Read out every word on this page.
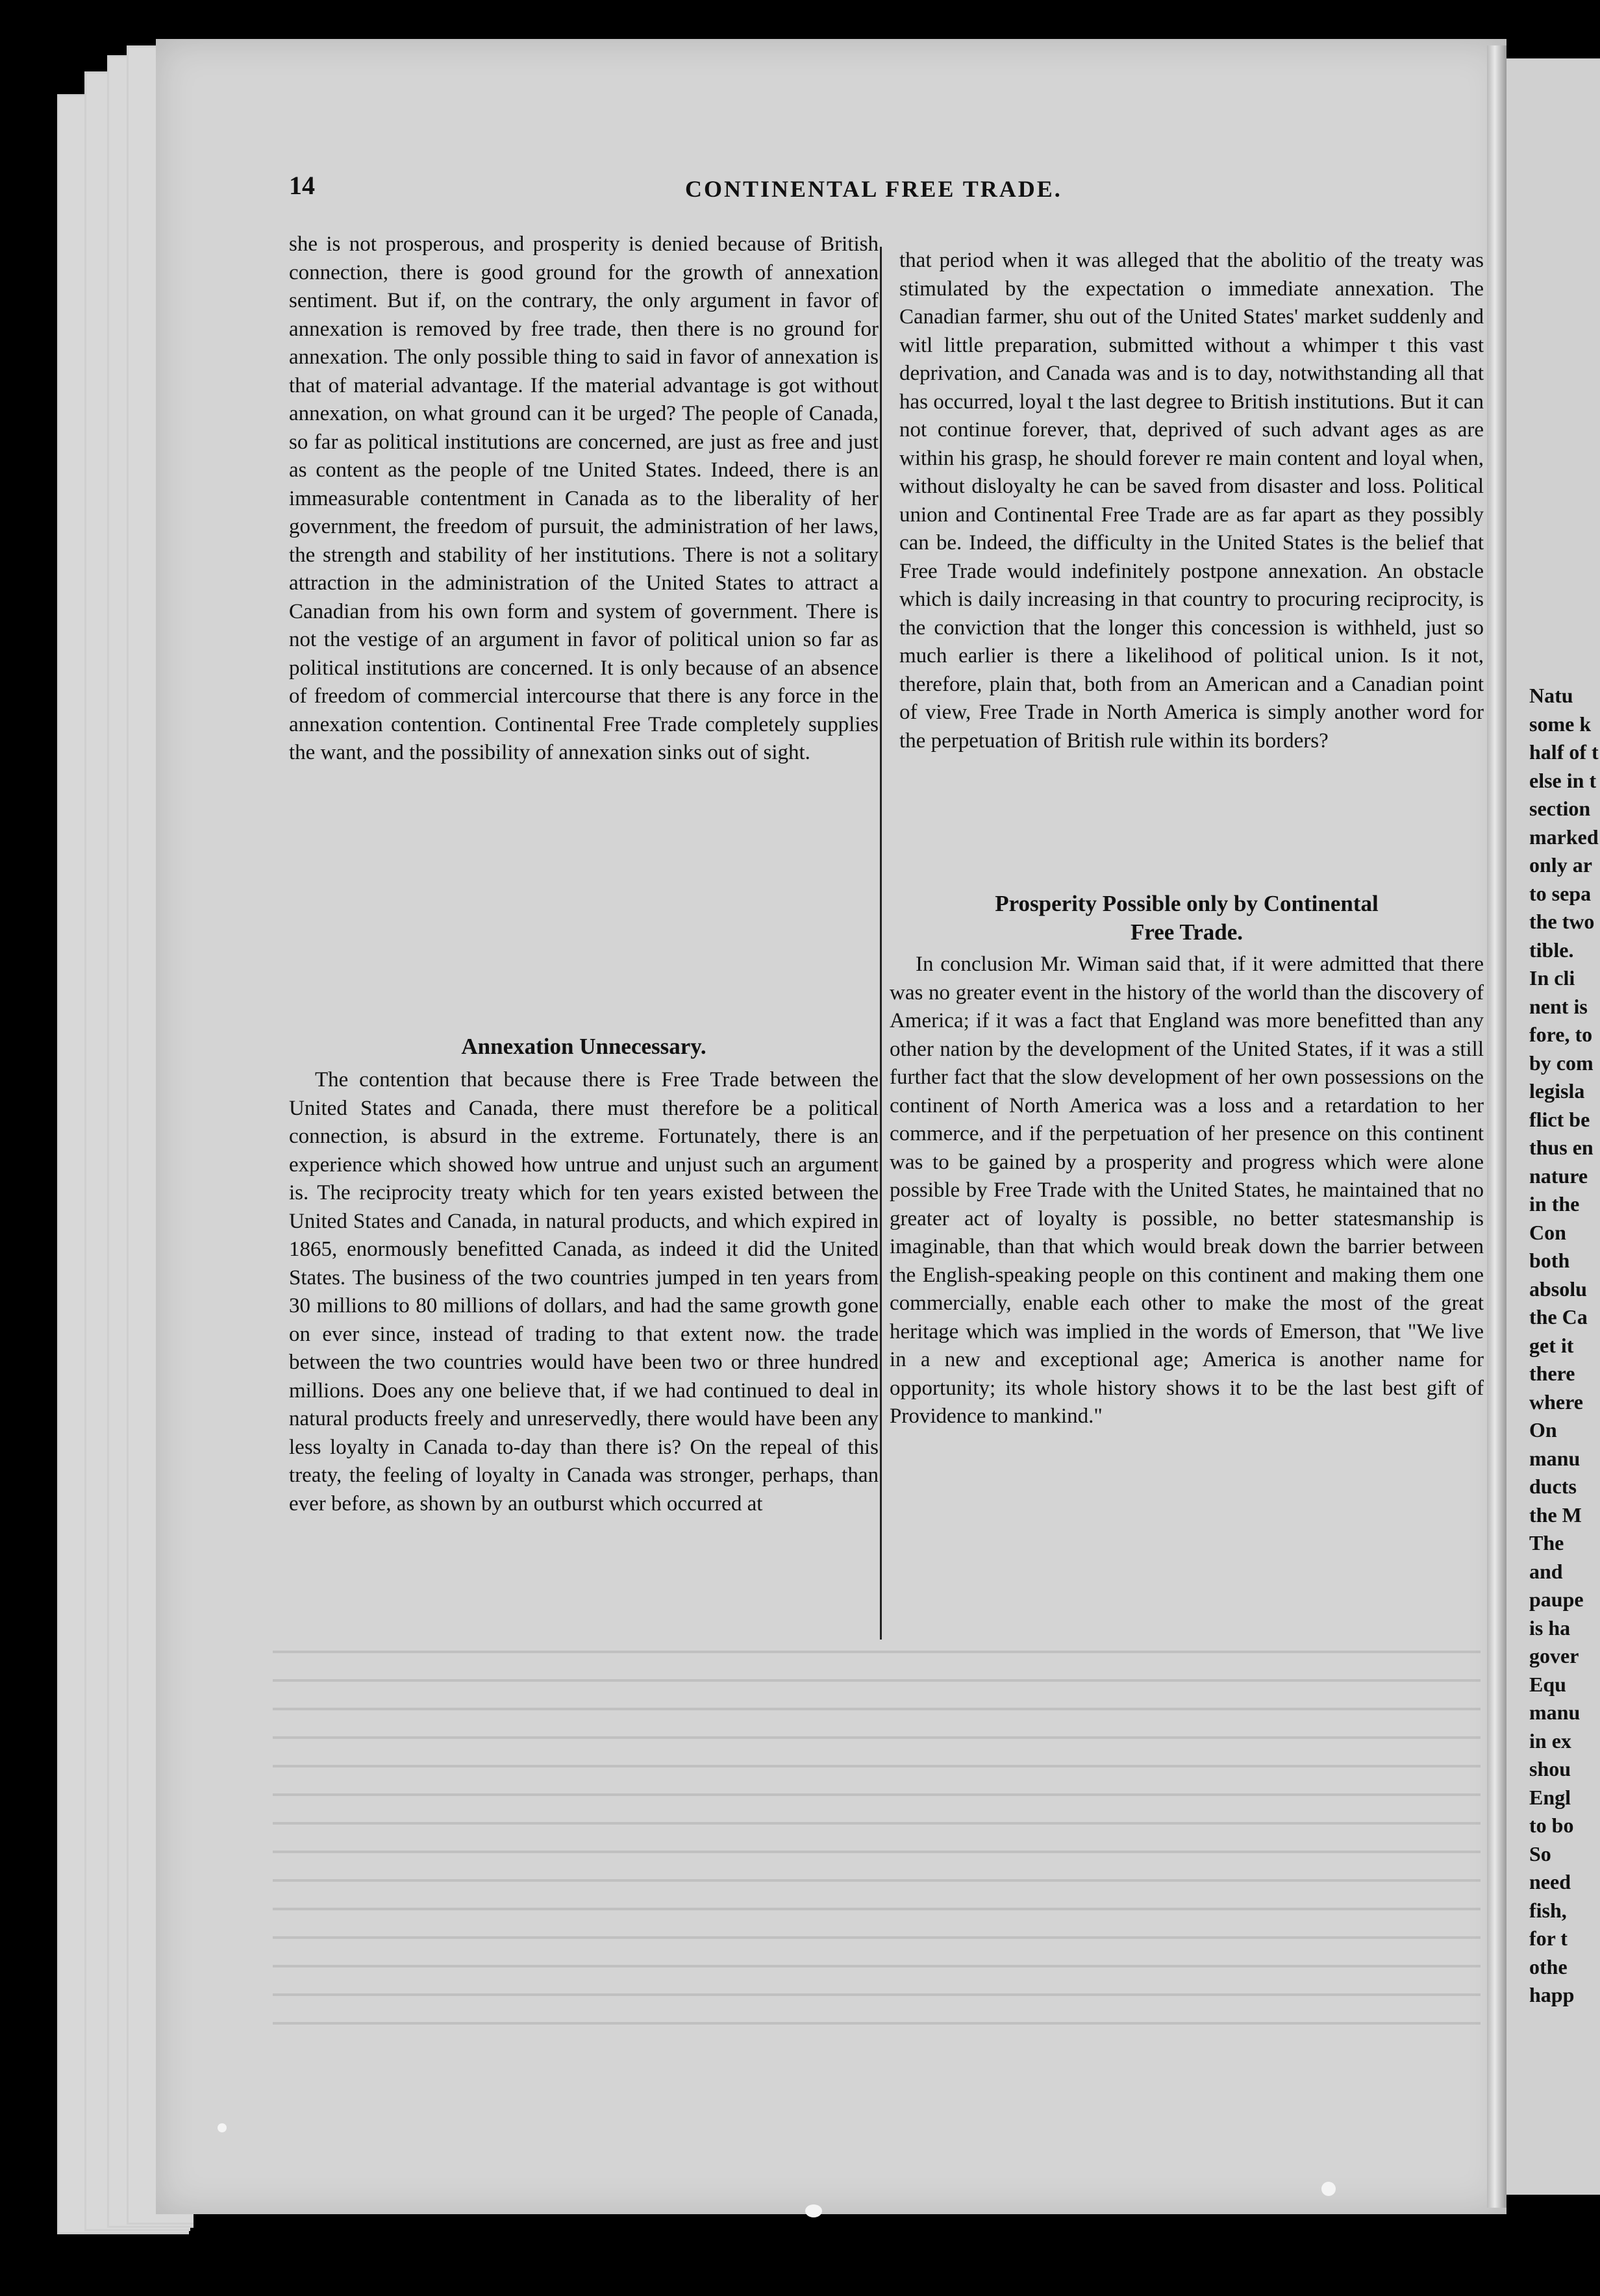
14	CONTINENTAL FREE TRADE.

she is not prosperous, and prosperity is denied because of British connection, there is good ground for the growth of annexation sentiment. But if, on the contrary, the only argument in favor of annexation is removed by free trade, then there is no ground for annexation. The only possible thing to said in favor of annexation is that of material advantage. If the material advantage is got without annexation, on what ground can it be urged? The people of Canada, so far as political institutions are concerned, are just as free and just as content as the people of tne United States. Indeed, there is an immeasurable contentment in Canada as to the liberality of her government, the freedom of pursuit, the administration of her laws, the strength and stability of her institutions. There is not a solitary attraction in the administration of the United States to attract a Canadian from his own form and system of government. There is not the vestige of an argument in favor of political union so far as political institutions are concerned. It is only because of an absence of freedom of commercial intercourse that there is any force in the annexation contention. Continental Free Trade completely supplies the want, and the possibility of annexation sinks out of sight.

Annexation Unnecessary.

The contention that because there is Free Trade between the United States and Canada, there must therefore be a political connection, is absurd in the extreme. Fortunately, there is an experience which showed how untrue and unjust such an argument is. The reciprocity treaty which for ten years existed between the United States and Canada, in natural products, and which expired in 1865, enormously benefitted Canada, as indeed it did the United States. The business of the two countries jumped in ten years from 30 millions to 80 millions of dollars, and had the same growth gone on ever since, instead of trading to that extent now. the trade between the two countries would have been two or three hundred millions. Does any one believe that, if we had continued to deal in natural products freely and unreservedly, there would have been any less loyalty in Canada to-day than there is? On the repeal of this treaty, the feeling of loyalty in Canada was stronger, perhaps, than ever before, as shown by an outburst which occurred at

that period when it was alleged that the abolitio of the treaty was stimulated by the expectation o immediate annexation. The Canadian farmer, shu out of the United States' market suddenly and witl little preparation, submitted without a whimper t this vast deprivation, and Canada was and is to day, notwithstanding all that has occurred, loyal t the last degree to British institutions. But it can not continue forever, that, deprived of such advant ages as are within his grasp, he should forever re main content and loyal when, without disloyalty he can be saved from disaster and loss. Political union and Continental Free Trade are as far apart as they possibly can be. Indeed, the difficulty in the United States is the belief that Free Trade would indefinitely postpone annexation. An obstacle which is daily increasing in that country to procuring reciprocity, is the conviction that the longer this concession is withheld, just so much earlier is there a likelihood of political union. Is it not, therefore, plain that, both from an American and a Canadian point of view, Free Trade in North America is simply another word for the perpetuation of British rule within its borders?

Prosperity Possible only by Continental
Free Trade.

In conclusion Mr. Wiman said that, if it were admitted that there was no greater event in the history of the world than the discovery of America; if it was a fact that England was more benefitted than any other nation by the development of the United States, if it was a still further fact that the slow development of her own possessions on the continent of North America was a loss and a retardation to her commerce, and if the perpetuation of her presence on this continent was to be gained by a prosperity and progress which were alone possible by Free Trade with the United States, he maintained that no greater act of loyalty is possible, no better statesmanship is imaginable, than that which would break down the barrier between the English-speaking people on this continent and making them one commercially, enable each other to make the most of the great heritage which was implied in the words of Emerson, that "We live in a new and exceptional age; America is another name for opportunity; its whole history shows it to be the last best gift of Providence to mankind."

Natu
some k
half of t
else in t
section
marked
only ar
to sepa
the two
tible.
In cli
nent is
fore, to
by com
legisla
flict be
thus en
nature
in the
Con
both
absolu
the Ca
get it
there
where
On
manu
ducts
the M
The
and
paupe
is ha
gover
Equ
manu
in ex
shou
Engl
to bo
So
need
fish,
for t
othe
happ
